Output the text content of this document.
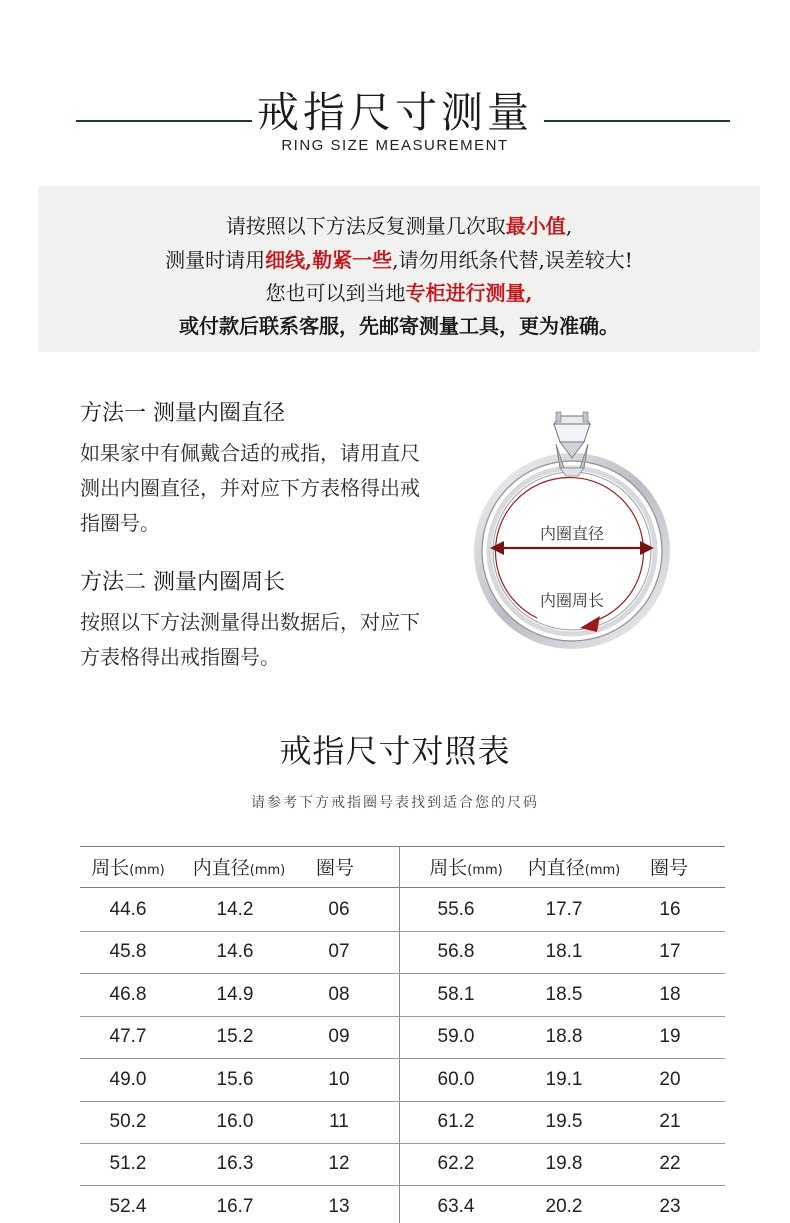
戒指尺寸测量
RING SIZE MEASUREMENT
请按照以下方法反复测量几次取最小值,
测量时请用细线,勒紧一些,请勿用纸条代替,误差较大!
您也可以到当地专柜进行测量,
或付款后联系客服，先邮寄测量工具，更为准确。
方法一 测量内圈直径
如果家中有佩戴合适的戒指，请用直尺测出内圈直径，并对应下方表格得出戒指圈号。
方法二 测量内圈周长
按照以下方法测量得出数据后，对应下方表格得出戒指圈号。
内圈直径
内圈周长
戒指尺寸对照表
请参考下方戒指圈号表找到适合您的尺码
周长(mm)	内直径(mm)	圈号	周长(mm)	内直径(mm)	圈号
44.6	14.2	06	55.6	17.7	16
45.8	14.6	07	56.8	18.1	17
46.8	14.9	08	58.1	18.5	18
47.7	15.2	09	59.0	18.8	19
49.0	15.6	10	60.0	19.1	20
50.2	16.0	11	61.2	19.5	21
51.2	16.3	12	62.2	19.8	22
52.4	16.7	13	63.4	20.2	23
